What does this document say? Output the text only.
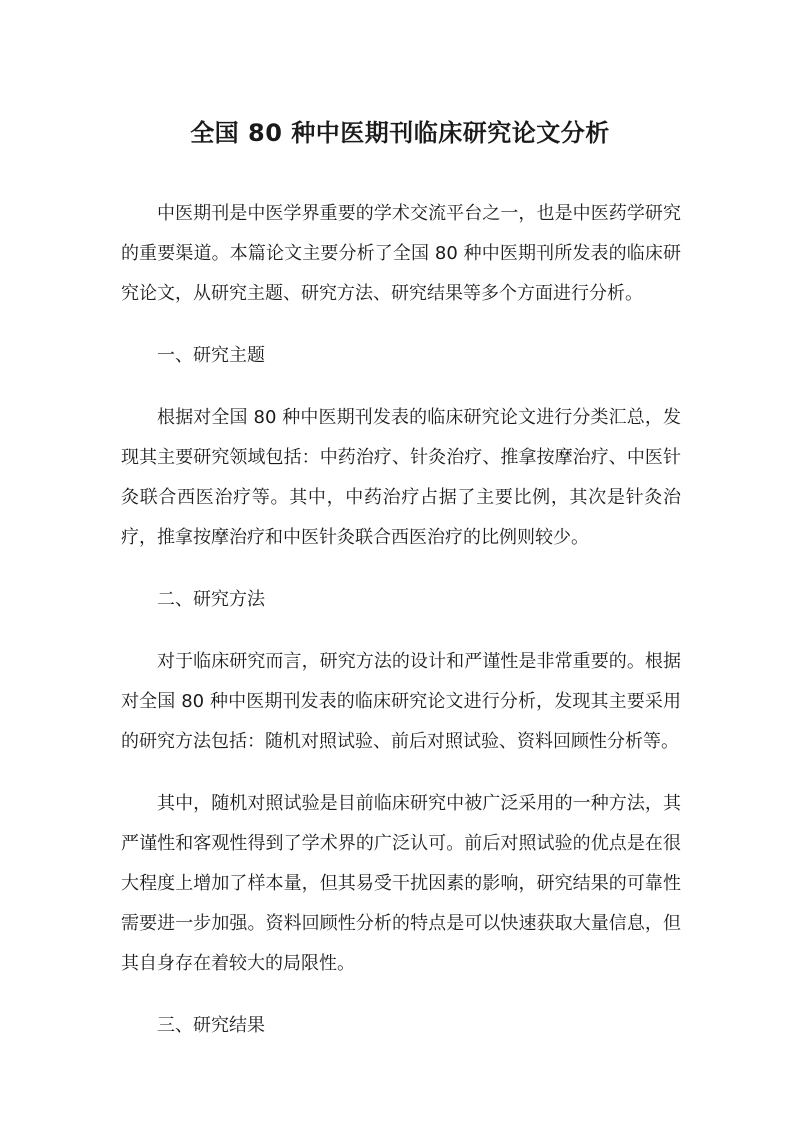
全国 80 种中医期刊临床研究论文分析

中医期刊是中医学界重要的学术交流平台之一，也是中医药学研究的重要渠道。本篇论文主要分析了全国 80 种中医期刊所发表的临床研究论文，从研究主题、研究方法、研究结果等多个方面进行分析。

一、研究主题

根据对全国 80 种中医期刊发表的临床研究论文进行分类汇总，发现其主要研究领域包括：中药治疗、针灸治疗、推拿按摩治疗、中医针灸联合西医治疗等。其中，中药治疗占据了主要比例，其次是针灸治疗，推拿按摩治疗和中医针灸联合西医治疗的比例则较少。

二、研究方法

对于临床研究而言，研究方法的设计和严谨性是非常重要的。根据对全国 80 种中医期刊发表的临床研究论文进行分析，发现其主要采用的研究方法包括：随机对照试验、前后对照试验、资料回顾性分析等。

其中，随机对照试验是目前临床研究中被广泛采用的一种方法，其严谨性和客观性得到了学术界的广泛认可。前后对照试验的优点是在很大程度上增加了样本量，但其易受干扰因素的影响，研究结果的可靠性需要进一步加强。资料回顾性分析的特点是可以快速获取大量信息，但其自身存在着较大的局限性。

三、研究结果
